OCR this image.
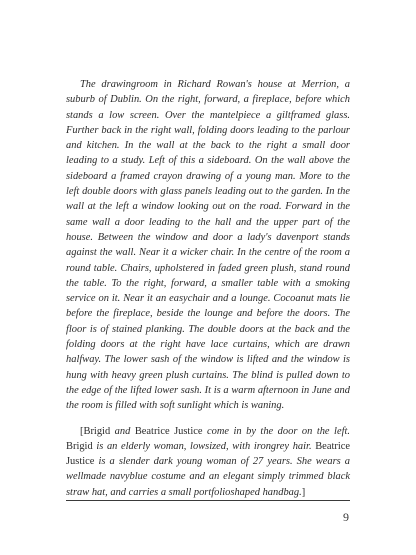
The drawingroom in Richard Rowan's house at Merrion, a suburb of Dublin. On the right, forward, a fireplace, before which stands a low screen. Over the mantelpiece a giltframed glass. Further back in the right wall, folding doors leading to the parlour and kitchen. In the wall at the back to the right a small door leading to a study. Left of this a sideboard. On the wall above the sideboard a framed crayon drawing of a young man. More to the left double doors with glass panels leading out to the garden. In the wall at the left a window looking out on the road. Forward in the same wall a door leading to the hall and the upper part of the house. Between the window and door a lady's davenport stands against the wall. Near it a wicker chair. In the centre of the room a round table. Chairs, upholstered in faded green plush, stand round the table. To the right, forward, a smaller table with a smoking service on it. Near it an easychair and a lounge. Cocoanut mats lie before the fireplace, beside the lounge and before the doors. The floor is of stained planking. The double doors at the back and the folding doors at the right have lace curtains, which are drawn halfway. The lower sash of the window is lifted and the window is hung with heavy green plush curtains. The blind is pulled down to the edge of the lifted lower sash. It is a warm afternoon in June and the room is filled with soft sunlight which is waning.

[Brigid and Beatrice Justice come in by the door on the left. Brigid is an elderly woman, lowsized, with irongrey hair. Beatrice Justice is a slender dark young woman of 27 years. She wears a wellmade navyblue costume and an elegant simply trimmed black straw hat, and carries a small portfolioshaped handbag.]

9
